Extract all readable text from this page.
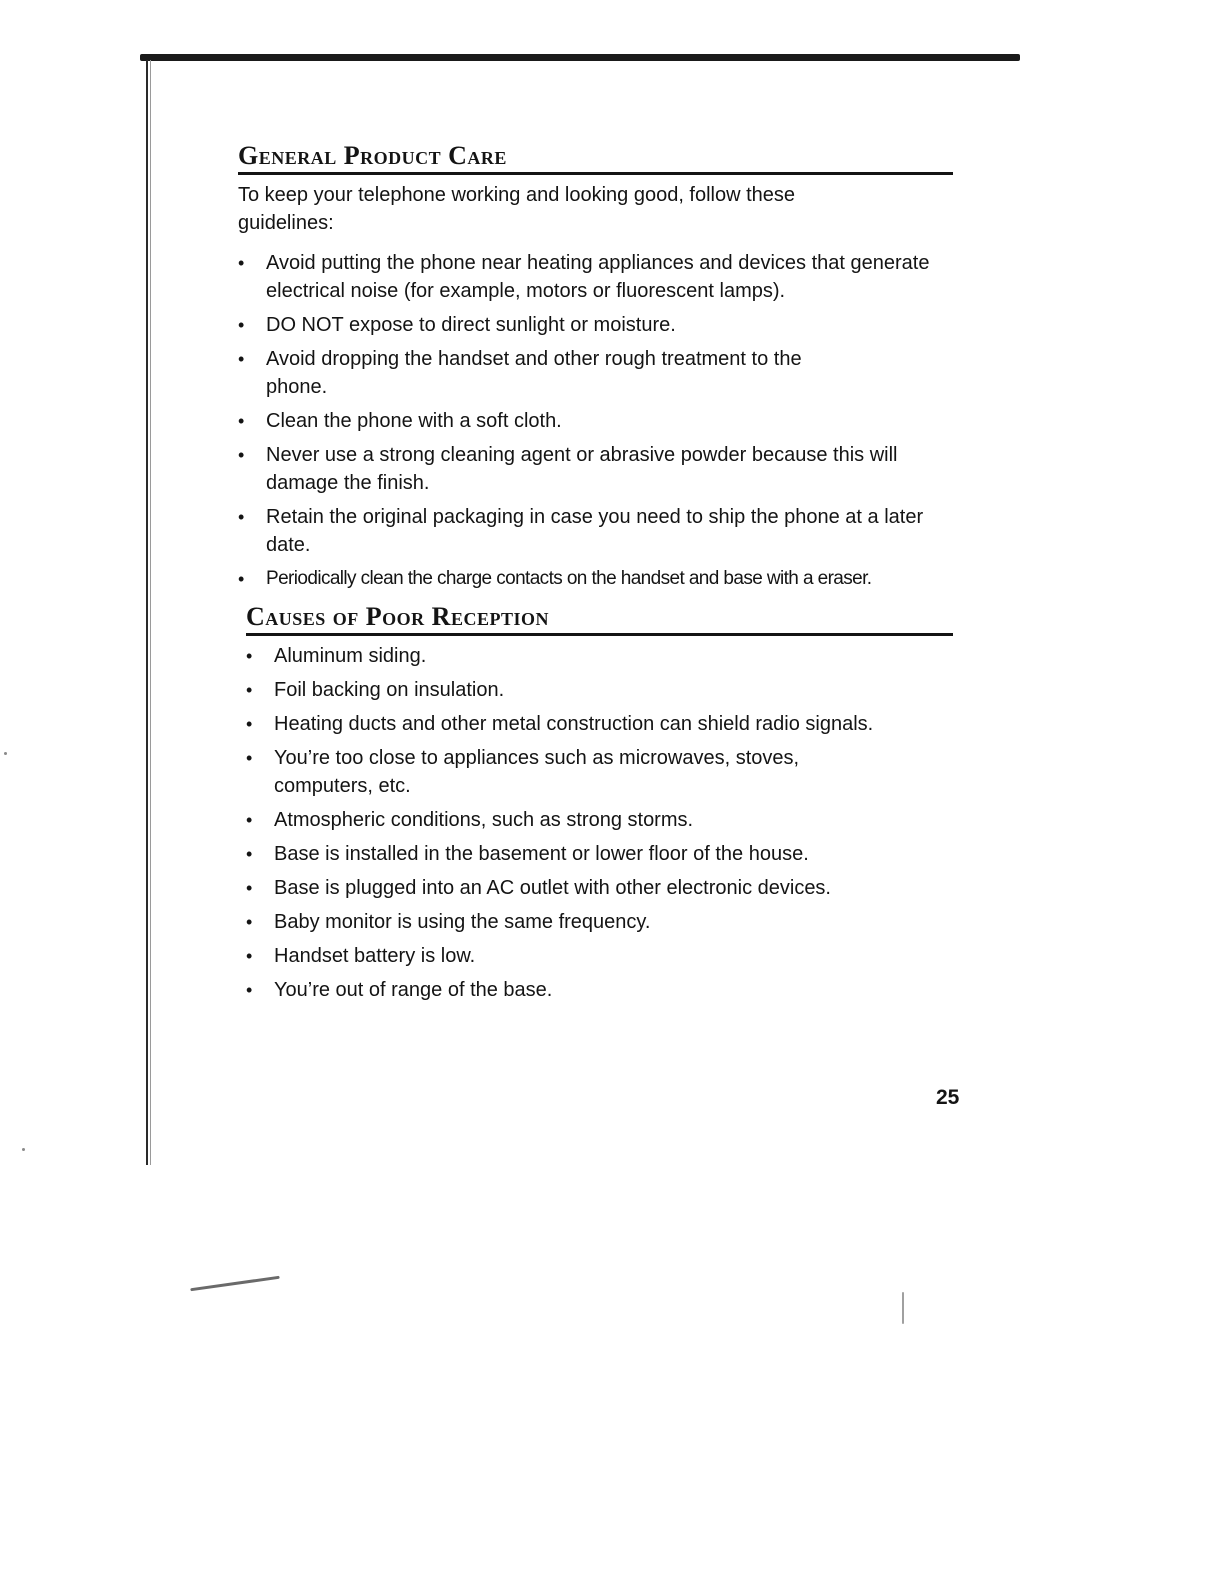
General Product Care

To keep your telephone working and looking good, follow these guidelines:

• Avoid putting the phone near heating appliances and devices that generate electrical noise (for example, motors or fluorescent lamps).
• DO NOT expose to direct sunlight or moisture.
• Avoid dropping the handset and other rough treatment to the phone.
• Clean the phone with a soft cloth.
• Never use a strong cleaning agent or abrasive powder because this will damage the finish.
• Retain the original packaging in case you need to ship the phone at a later date.
• Periodically clean the charge contacts on the handset and base with a eraser.
Causes of Poor Reception
• Aluminum siding.
• Foil backing on insulation.
• Heating ducts and other metal construction can shield radio signals.
• You’re too close to appliances such as microwaves, stoves, computers, etc.
• Atmospheric conditions, such as strong storms.
• Base is installed in the basement or lower floor of the house.
• Base is plugged into an AC outlet with other electronic devices.
• Baby monitor is using the same frequency.
• Handset battery is low.
• You’re out of range of the base.
25
